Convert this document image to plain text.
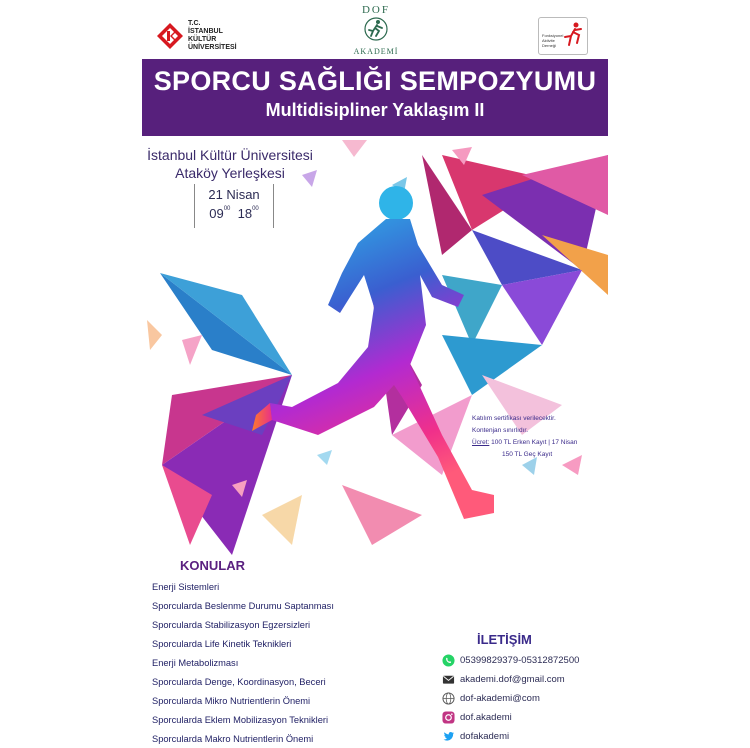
T.C.
İSTANBUL
KÜLTÜR
ÜNİVERSİTESİ
DOF
AKADEMİ
Fonksiyonel Aktivite Derneği
SPORCU SAĞLIĞI SEMPOZYUMU
Multidisipliner Yaklaşım II
İstanbul Kültür Üniversitesi
Ataköy Yerleşkesi
21 Nisan
$09^{00}$ $18^{00}$
Katılım sertifikası verilecektir.
Kontenjan sınırlıdır.
Ücret: 100 TL Erken Kayıt | 17 Nisan
150 TL Geç Kayıt
KONULAR
Enerji Sistemleri
Sporcularda Beslenme Durumu Saptanması
Sporcularda Stabilizasyon Egzersizleri
Sporcularda Life Kinetik Teknikleri
Enerji Metabolizması
Sporcularda Denge, Koordinasyon, Beceri
Sporcularda Mikro Nutrientlerin Önemi
Sporcularda Eklem Mobilizasyon Teknikleri
Sporcularda Makro Nutrientlerin Önemi
İLETİŞİM
05399829379-05312872500
akademi.dof@gmail.com
dof-akademi@com
dof.akademi
dofakademi
